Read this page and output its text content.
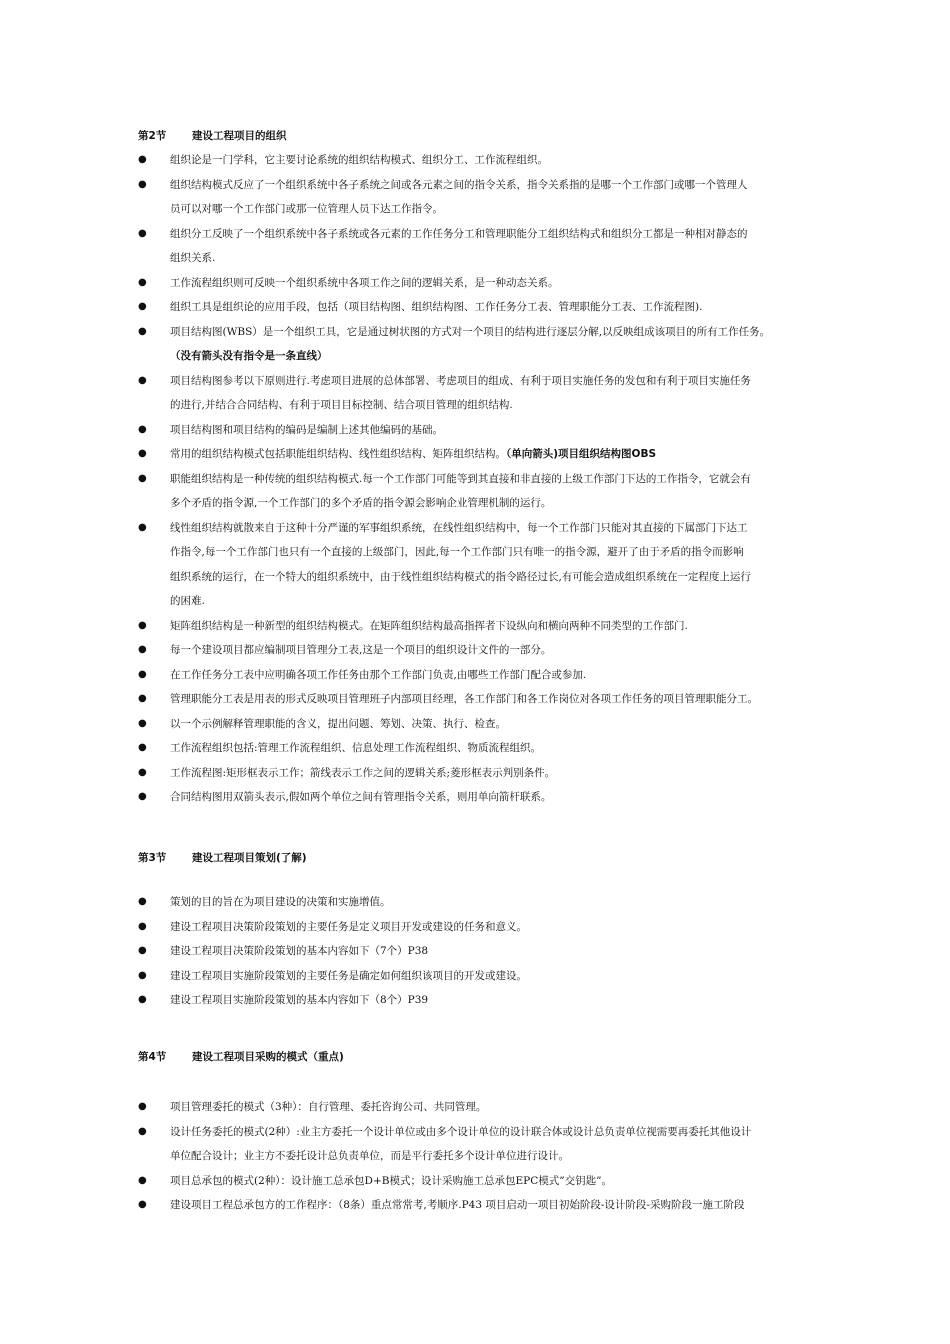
第2节 建设工程项目的组织
●	组织论是一门学科，它主要讨论系统的组织结构模式、组织分工、工作流程组织。
●	组织结构模式反应了一个组织系统中各子系统之间或各元素之间的指令关系，指令关系指的是哪一个工作部门或哪一个管理人
员可以对哪一个工作部门或那一位管理人员下达工作指令。
●	组织分工反映了一个组织系统中各子系统或各元素的工作任务分工和管理职能分工组织结构式和组织分工都是一种相对静态的
组织关系.
●	工作流程组织则可反映一个组织系统中各项工作之间的逻辑关系，是一种动态关系。
●	组织工具是组织论的应用手段，包括（项目结构图、组织结构图、工作任务分工表、管理职能分工表、工作流程图).
●	项目结构图(WBS）是一个组织工具，它是通过树状图的方式对一个项目的结构进行逐层分解,以反映组成该项目的所有工作任务。
（没有箭头没有指令是一条直线）
●	项目结构图参考以下原则进行.考虑项目进展的总体部署、考虑项目的组成、有利于项目实施任务的发包和有利于项目实施任务
的进行,并结合合同结构、有利于项目目标控制、结合项目管理的组织结构.
●	项目结构图和项目结构的编码是编制上述其他编码的基础。
●	常用的组织结构模式包括职能组织结构、线性组织结构、矩阵组织结构。（单向箭头)项目组织结构图OBS
●	职能组织结构是一种传统的组织结构模式.每一个工作部门可能等到其直接和非直接的上级工作部门下达的工作指令，它就会有
多个矛盾的指令源,一个工作部门的多个矛盾的指令源会影响企业管理机制的运行。
●	线性组织结构就散来自于这种十分严谨的军事组织系统，在线性组织结构中，每一个工作部门只能对其直接的下属部门下达工
作指令,每一个工作部门也只有一个直接的上级部门，因此,每一个工作部门只有唯一的指令源，避开了由于矛盾的指令而影响
组织系统的运行，在一个特大的组织系统中，由于线性组织结构模式的指令路径过长,有可能会造成组织系统在一定程度上运行
的困难.
●	矩阵组织结构是一种新型的组织结构模式。在矩阵组织结构最高指挥者下设纵向和横向两种不同类型的工作部门.
●	每一个建设项目都应编制项目管理分工表,这是一个项目的组织设计文件的一部分。
●	在工作任务分工表中应明确各项工作任务由那个工作部门负责,由哪些工作部门配合或参加.
●	管理职能分工表是用表的形式反映项目管理班子内部项目经理，各工作部门和各工作岗位对各项工作任务的项目管理职能分工。
●	以一个示例解释管理职能的含义，提出问题、筹划、决策、执行、检查。
●	工作流程组织包括:管理工作流程组织、信息处理工作流程组织、物质流程组织。
●	工作流程图:矩形框表示工作；箭线表示工作之间的逻辑关系;菱形框表示判别条件。
●	合同结构图用双箭头表示,假如两个单位之间有管理指令关系，则用单向箭杆联系。
第3节 建设工程项目策划(了解)
●	策划的目的旨在为项目建设的决策和实施增值。
●	建设工程项目决策阶段策划的主要任务是定义项目开发或建设的任务和意义。
●	建设工程项目决策阶段策划的基本内容如下（7个）P38
●	建设工程项目实施阶段策划的主要任务是确定如何组织该项目的开发或建设。
●	建设工程项目实施阶段策划的基本内容如下（8个）P39
第4节 建设工程项目采购的模式（重点)
●	项目管理委托的模式（3种）：自行管理、委托咨询公司、共同管理。
●	设计任务委托的模式(2种）:业主方委托一个设计单位或由多个设计单位的设计联合体或设计总负责单位视需要再委托其他设计
单位配合设计；业主方不委托设计总负责单位，而是平行委托多个设计单位进行设计。
●	项目总承包的模式(2种）：设计施工总承包D+B模式；设计采购施工总承包EPC模式”交钥匙”。
●	建设项目工程总承包方的工作程序：（8条）重点常常考,考顺序.P43 项目启动一项目初始阶段-设计阶段-采购阶段一施工阶段
